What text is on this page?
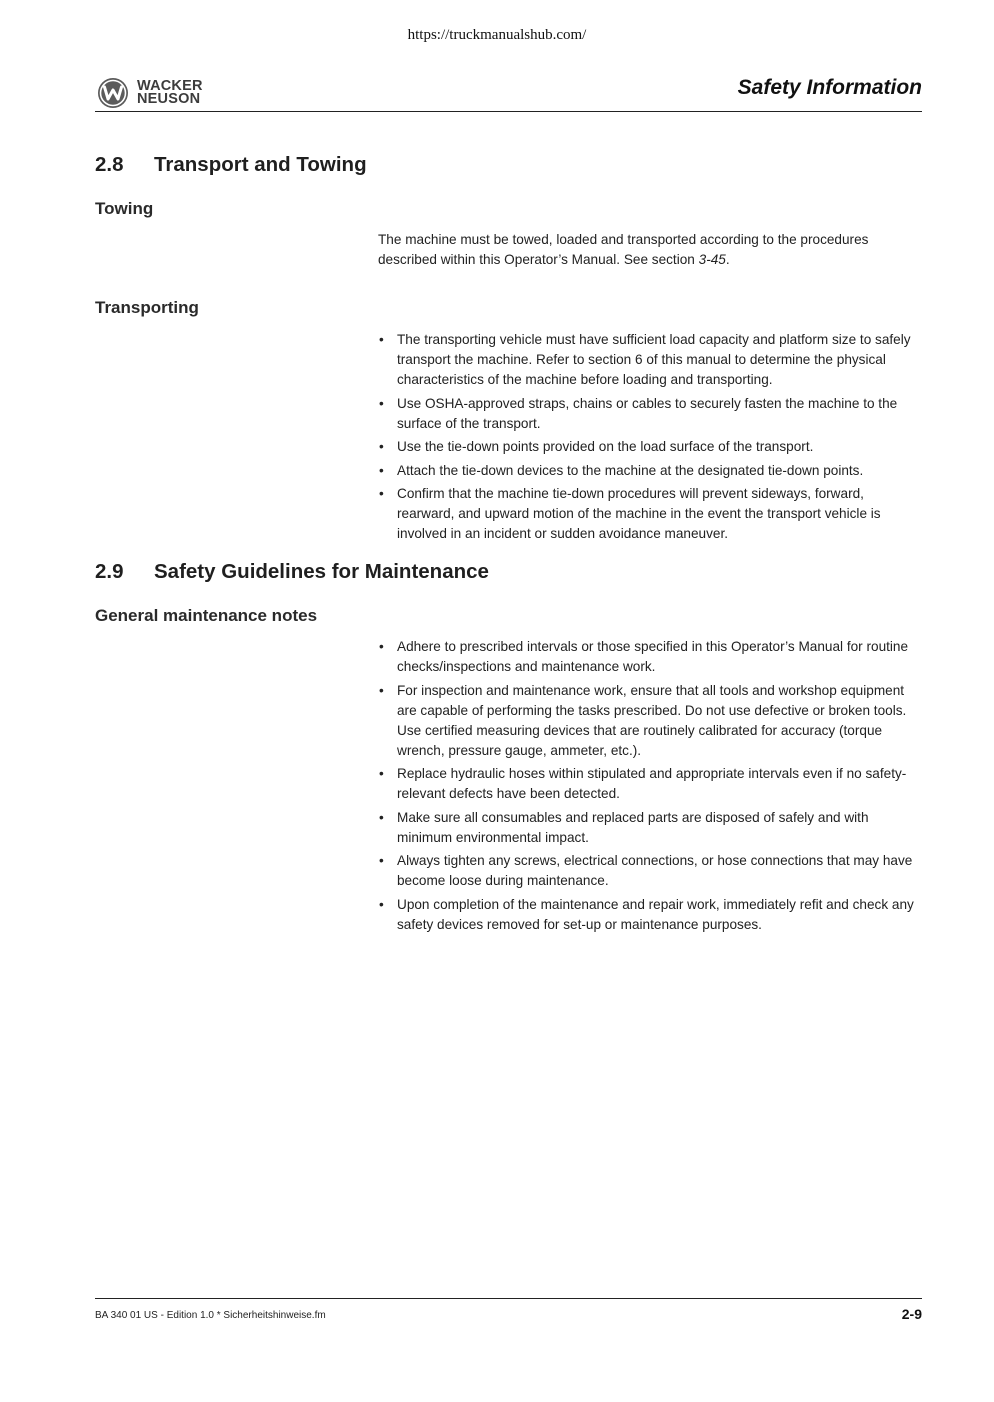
https://truckmanualshub.com/
WACKER
NEUSON	Safety Information
2.8 Transport and Towing
Towing

The machine must be towed, loaded and transported according to the procedures described within this Operator’s Manual. See section 3-45.

Transporting
• The transporting vehicle must have sufficient load capacity and platform size to safely transport the machine. Refer to section 6 of this manual to determine the physical characteristics of the machine before loading and transporting.
• Use OSHA-approved straps, chains or cables to securely fasten the machine to the surface of the transport.
• Use the tie-down points provided on the load surface of the transport.
• Attach the tie-down devices to the machine at the designated tie-down points.
• Confirm that the machine tie-down procedures will prevent sideways, forward, rearward, and upward motion of the machine in the event the transport vehicle is involved in an incident or sudden avoidance maneuver.
2.9 Safety Guidelines for Maintenance
General maintenance notes
• Adhere to prescribed intervals or those specified in this Operator’s Manual for routine checks/inspections and maintenance work.
• For inspection and maintenance work, ensure that all tools and workshop equipment are capable of performing the tasks prescribed. Do not use defective or broken tools. Use certified measuring devices that are routinely calibrated for accuracy (torque wrench, pressure gauge, ammeter, etc.).
• Replace hydraulic hoses within stipulated and appropriate intervals even if no safety-relevant defects have been detected.
• Make sure all consumables and replaced parts are disposed of safely and with minimum environmental impact.
• Always tighten any screws, electrical connections, or hose connections that may have become loose during maintenance.
• Upon completion of the maintenance and repair work, immediately refit and check any safety devices removed for set-up or maintenance purposes.
BA 340 01 US - Edition 1.0 * Sicherheitshinweise.fm	2-9
